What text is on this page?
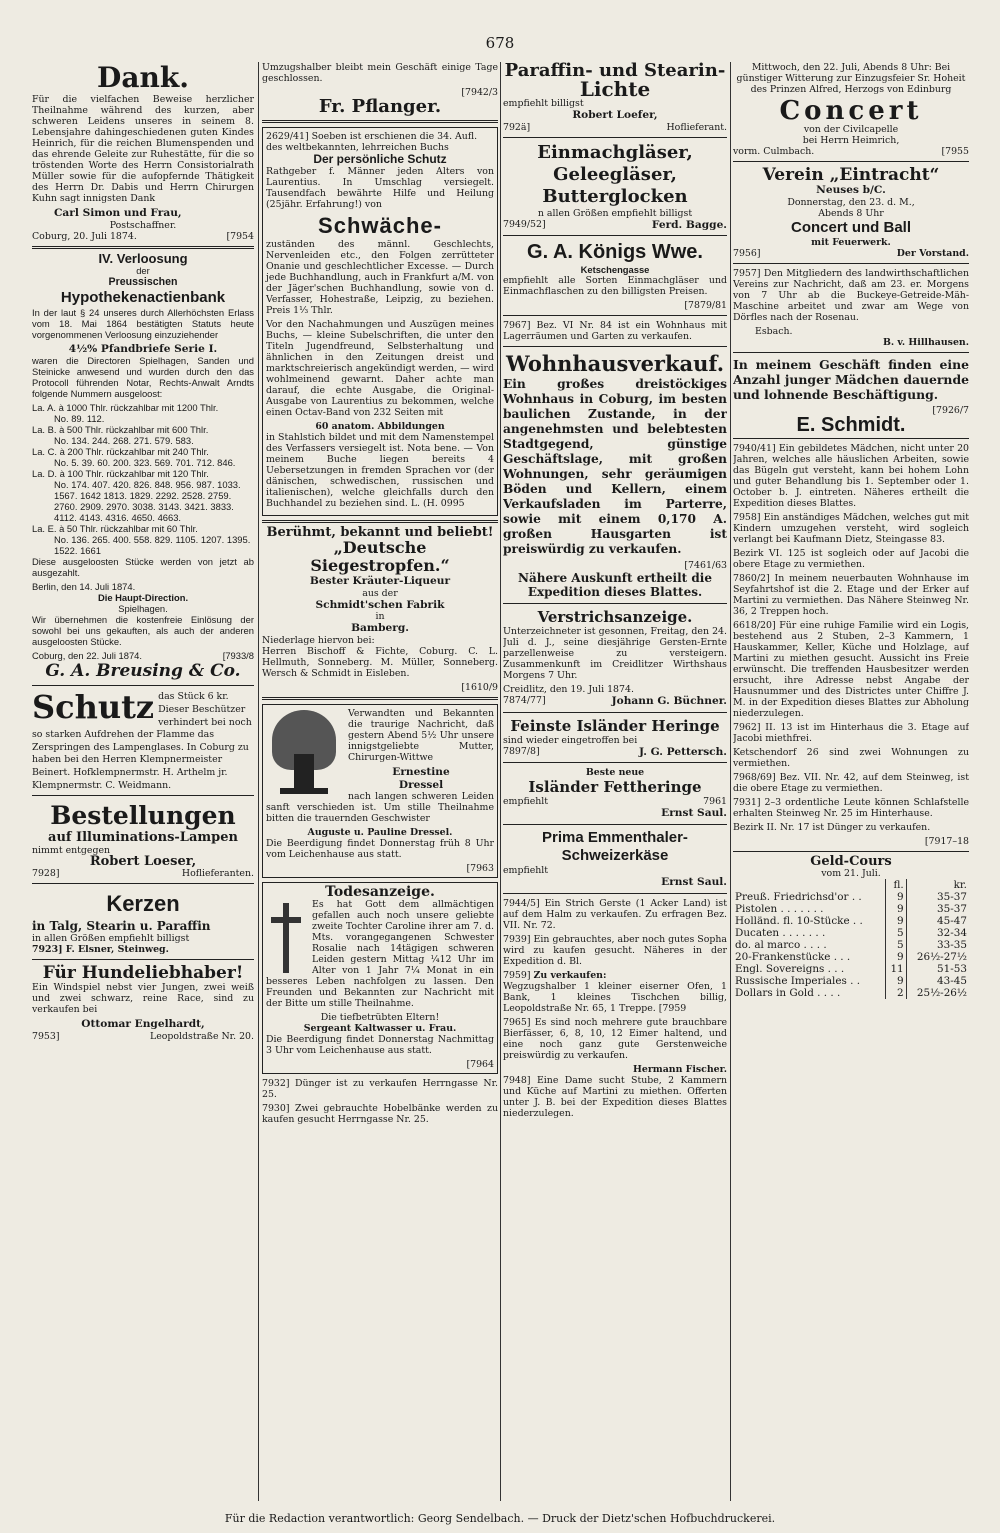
678
Dank.

Für die vielfachen Beweise herzlicher Theilnahme während des kurzen, aber schweren Leidens unseres in seinem 8. Lebensjahre dahingeschiedenen guten Kindes Heinrich, für die reichen Blumenspenden und das ehrende Geleite zur Ruhestätte, für die so tröstenden Worte des Herrn Consistorialrath Müller sowie für die aufopfernde Thätigkeit des Herrn Dr. Dabis und Herrn Chirurgen Kuhn sagt innigsten Dank

Carl Simon und Frau,
Postschaffner.
Coburg, 20. Juli 1874.	[7954
IV. Verloosung
der
Preussischen
Hypothekenactienbank

In der laut § 24 unseres durch Allerhöchsten Erlass vom 18. Mai 1864 bestätigten Statuts heute vorgenommenen Verloosung einzuziehender

4½% Pfandbriefe Serie I.

waren die Directoren Spielhagen, Sanden und Steinicke anwesend und wurden durch den das Protocoll führenden Notar, Rechts-Anwalt Arndts folgende Nummern ausgeloost:

La. A. à 1000 Thlr. rückzahlbar mit 1200 Thlr.
No. 89. 112.
La. B. à 500 Thlr. rückzahlbar mit 600 Thlr.
No. 134. 244. 268. 271. 579. 583.
La. C. à 200 Thlr. rückzahlbar mit 240 Thlr.
No. 5. 39. 60. 200. 323. 569. 701. 712. 846.
La. D. à 100 Thlr. rückzahlbar mit 120 Thlr.
No. 174. 407. 420. 826. 848. 956. 987. 1033. 1567. 1642 1813. 1829. 2292. 2528. 2759. 2760. 2909. 2970. 3038. 3143. 3421. 3833. 4112. 4143. 4316. 4650. 4663.
La. E. à 50 Thlr. rückzahlbar mit 60 Thlr.
No. 136. 265. 400. 558. 829. 1105. 1207. 1395. 1522. 1661

Diese ausgeloosten Stücke werden von jetzt ab ausgezahlt.

Berlin, den 14. Juli 1874.
Die Haupt-Direction.
Spielhagen.

Wir übernehmen die kostenfreie Einlösung der sowohl bei uns gekauften, als auch der anderen ausgeloosten Stücke.

Coburg, den 22. Juli 1874.	[7933/8
G. A. Breusing & Co.
Schutz das Stück 6 kr. Dieser Beschützer verhindert bei noch so starken Aufdrehen der Flamme das Zerspringen des Lampenglases. In Coburg zu haben bei den Herren Klempnermeister Beinert. Hofklempnermstr. H. Arthelm jr. Klempnermstr. C. Weidmann.
Bestellungen
auf Illuminations-Lampen
nimmt entgegen
Robert Loeser,
7928]	Hoflieferanten.
Kerzen
in Talg, Stearin u. Paraffin
in allen Größen empfiehlt billigst
7923] F. Elsner, Steinweg.
Für Hundeliebhaber!

Ein Windspiel nebst vier Jungen, zwei weiß und zwei schwarz, reine Race, sind zu verkaufen bei

Ottomar Engelhardt,
7953]	Leopoldstraße Nr. 20.

Umzugshalber bleibt mein Geschäft einige Tage geschlossen.

[7942/3
Fr. Pflanger.
2629/41] Soeben ist erschienen die 34. Aufl. des weltbekannten, lehrreichen Buchs
Der persönliche Schutz

Rathgeber f. Männer jeden Alters von Laurentius. In Umschlag versiegelt. Tausendfach bewährte Hilfe und Heilung (25jähr. Erfahrung!) von

Schwäche-

zuständen des männl. Geschlechts, Nervenleiden etc., den Folgen zerrütteter Onanie und geschlechtlicher Excesse. — Durch jede Buchhandlung, auch in Frankfurt a/M. von der Jäger'schen Buchhandlung, sowie von d. Verfasser, Hohestraße, Leipzig, zu beziehen. Preis 1⅓ Thlr.

Vor den Nachahmungen und Auszügen meines Buchs, — kleine Subelschriften, die unter den Titeln Jugendfreund, Selbsterhaltung und ähnlichen in den Zeitungen dreist und marktschreierisch angekündigt werden, — wird wohlmeinend gewarnt. Daher achte man darauf, die echte Ausgabe, die Original-Ausgabe von Laurentius zu bekommen, welche einen Octav-Band von 232 Seiten mit

60 anatom. Abbildungen

in Stahlstich bildet und mit dem Namenstempel des Verfassers versiegelt ist. Nota bene. — Von meinem Buche liegen bereits 4 Uebersetzungen in fremden Sprachen vor (der dänischen, schwedischen, russischen und italienischen), welche gleichfalls durch den Buchhandel zu beziehen sind. L. (H. 0995

Berühmt, bekannt und beliebt!
„Deutsche Siegestropfen.“
Bester Kräuter-Liqueur
aus der
Schmidt'schen Fabrik
in
Bamberg.
Niederlage hiervon bei:

Herren Bischoff & Fichte, Coburg. C. L. Hellmuth, Sonneberg. M. Müller, Sonneberg. Wersch & Schmidt in Eisleben.

[1610/9

Verwandten und Bekannten die traurige Nachricht, daß gestern Abend 5½ Uhr unsere innigstgeliebte Mutter, Chirurgen-Wittwe

Ernestine
Dressel

nach langen schweren Leiden sanft verschieden ist. Um stille Theilnahme bitten die trauernden Geschwister

Auguste u. Pauline Dressel.

Die Beerdigung findet Donnerstag früh 8 Uhr vom Leichenhause aus statt.

[7963
Todesanzeige.

Es hat Gott dem allmächtigen gefallen auch noch unsere geliebte zweite Tochter Caroline ihrer am 7. d. Mts. vorangegangenen Schwester Rosalie nach 14tägigen schweren Leiden gestern Mittag ¼12 Uhr im Alter von 1 Jahr 7¼ Monat in ein besseres Leben nachfolgen zu lassen. Den Freunden und Bekannten zur Nachricht mit der Bitte um stille Theilnahme.

Die tiefbetrübten Eltern!
Sergeant Kaltwasser u. Frau.

Die Beerdigung findet Donnerstag Nachmittag 3 Uhr vom Leichenhause aus statt.

[7964

7932] Dünger ist zu verkaufen Herrngasse Nr. 25.

7930] Zwei gebrauchte Hobelbänke werden zu kaufen gesucht Herrngasse Nr. 25.

Paraffin- und Stearin-
Lichte
empfiehlt billigst
Robert Loefer,
792ä]	Hoflieferant.
Einmachgläser,
Geleegläser,
Butterglocken
n allen Größen empfiehlt billigst
7949/52]	Ferd. Bagge.
G. A. Königs Wwe.
Ketschengasse

empfiehlt alle Sorten Einmachgläser und Einmachflaschen zu den billigsten Preisen.

[7879/81

7967] Bez. VI Nr. 84 ist ein Wohnhaus mit Lagerräumen und Garten zu verkaufen.

Wohnhausverkauf.

Ein großes dreistöckiges Wohnhaus in Coburg, im besten baulichen Zustande, in der angenehmsten und belebtesten Stadtgegend, günstige Geschäftslage, mit großen Wohnungen, sehr geräumigen Böden und Kellern, einem Verkaufsladen im Parterre, sowie mit einem 0,170 A. großen Hausgarten ist preiswürdig zu verkaufen.

[7461/63

Nähere Auskunft ertheilt die Expedition dieses Blattes.

Verstrichsanzeige.

Unterzeichneter ist gesonnen, Freitag, den 24. Juli d. J., seine diesjährige Gersten-Ernte parzellenweise zu versteigern. Zusammenkunft im Creidlitzer Wirthshaus Morgens 7 Uhr.

Creidlitz, den 19. Juli 1874.
7874/77]	Johann G. Büchner.
Feinste Isländer Heringe
sind wieder eingetroffen bei
7897/8]	J. G. Pettersch.
Beste neue
Isländer Fettheringe
empfiehlt	7961
Ernst Saul.
Prima Emmenthaler-
Schweizerkäse
empfiehlt
Ernst Saul.

7944/5] Ein Strich Gerste (1 Acker Land) ist auf dem Halm zu verkaufen. Zu erfragen Bez. VII. Nr. 72.

7939] Ein gebrauchtes, aber noch gutes Sopha wird zu kaufen gesucht. Näheres in der Expedition d. Bl.

7959] Zu verkaufen:

Wegzugshalber 1 kleiner eiserner Ofen, 1 Bank, 1 kleines Tischchen billig, Leopoldstraße Nr. 65, 1 Treppe. [7959

7965] Es sind noch mehrere gute brauchbare Bierfässer, 6, 8, 10, 12 Eimer haltend, und eine noch ganz gute Gerstenweiche preiswürdig zu verkaufen.

Hermann Fischer.

7948] Eine Dame sucht Stube, 2 Kammern und Küche auf Martini zu miethen. Offerten unter J. B. bei der Expedition dieses Blattes niederzulegen.

Mittwoch, den 22. Juli, Abends 8 Uhr: Bei günstiger Witterung zur Einzugsfeier Sr. Hoheit des Prinzen Alfred, Herzogs von Edinburg

Concert
von der Civilcapelle
bei Herrn Heimrich,
vorm. Culmbach.	[7955
Verein „Eintracht“
Neuses b/C.
Donnerstag, den 23. d. M.,
Abends 8 Uhr
Concert und Ball
mit Feuerwerk.
7956]	Der Vorstand.

7957] Den Mitgliedern des landwirthschaftlichen Vereins zur Nachricht, daß am 23. er. Morgens von 7 Uhr ab die Buckeye-Getreide-Mäh-Maschine arbeitet und zwar am Wege von Dörfles nach der Rosenau.

Esbach.
B. v. Hillhausen.

In meinem Geschäft finden eine Anzahl junger Mädchen dauernde und lohnende Beschäftigung.

[7926/7
E. Schmidt.

7940/41] Ein gebildetes Mädchen, nicht unter 20 Jahren, welches alle häuslichen Arbeiten, sowie das Bügeln gut versteht, kann bei hohem Lohn und guter Behandlung bis 1. September oder 1. October b. J. eintreten. Näheres ertheilt die Expedition dieses Blattes.

7958] Ein anständiges Mädchen, welches gut mit Kindern umzugehen versteht, wird sogleich verlangt bei Kaufmann Dietz, Steingasse 83.

Bezirk VI. 125 ist sogleich oder auf Jacobi die obere Etage zu vermiethen.

7860/2] In meinem neuerbauten Wohnhause im Seyfahrtshof ist die 2. Etage und der Erker auf Martini zu vermiethen. Das Nähere Steinweg Nr. 36, 2 Treppen hoch.

6618/20] Für eine ruhige Familie wird ein Logis, bestehend aus 2 Stuben, 2–3 Kammern, 1 Hauskammer, Keller, Küche und Holzlage, auf Martini zu miethen gesucht. Aussicht ins Freie erwünscht. Die treffenden Hausbesitzer werden ersucht, ihre Adresse nebst Angabe der Hausnummer und des Districtes unter Chiffre J. M. in der Expedition dieses Blattes zur Abholung niederzulegen.

7962] II. 13 ist im Hinterhaus die 3. Etage auf Jacobi miethfrei.

Ketschendorf 26 sind zwei Wohnungen zu vermiethen.

7968/69] Bez. VII. Nr. 42, auf dem Steinweg, ist die obere Etage zu vermiethen.

7931] 2–3 ordentliche Leute können Schlafstelle erhalten Steinweg Nr. 25 im Hinterhause.

Bezirk II. Nr. 17 ist Dünger zu verkaufen.

[7917–18
Geld-Cours
vom 21. Juli.
	fl.	kr.
Preuß. Friedrichsd'or . .	9	35-37
Pistolen . . . . . . .	9	35-37
Holländ. fl. 10-Stücke . .	9	45-47
Ducaten . . . . . . .	5	32-34
do. al marco . . . .	5	33-35
20-Frankenstücke . . .	9	26½-27½
Engl. Sovereigns . . .	11	51-53
Russische Imperiales . .	9	43-45
Dollars in Gold . . . .	2	25½-26½
Für die Redaction verantwortlich: Georg Sendelbach. — Druck der Dietz'schen Hofbuchdruckerei.
